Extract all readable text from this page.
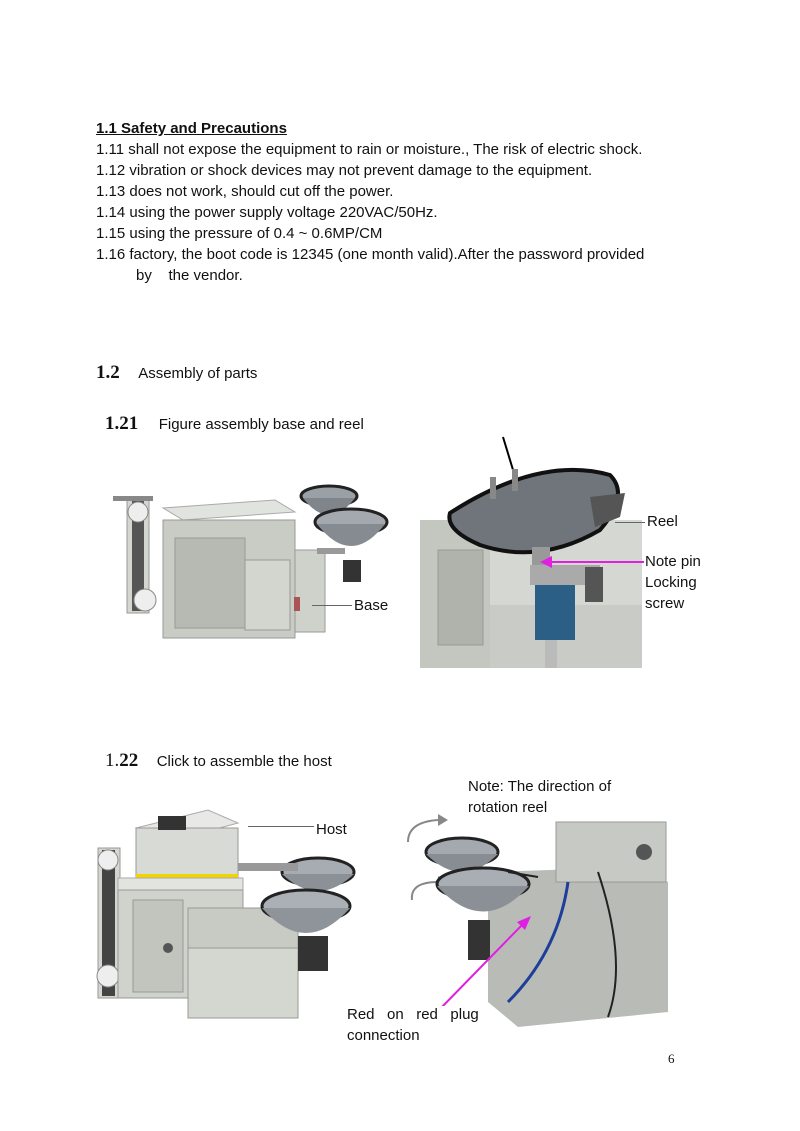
1.1 Safety and Precautions
1.11 shall not expose the equipment to rain or moisture., The risk of electric shock.
1.12 vibration or shock devices may not prevent damage to the equipment.
1.13 does not work, should cut off the power.
1.14 using the power supply voltage 220VAC/50Hz.
1.15 using the pressure of 0.4 ~ 0.6MP/CM
1.16 factory, the boot code is 12345 (one month valid).After the password provided
by    the vendor.
1.2 Assembly of parts
1.21 Figure assembly base and reel
Base
Reel
Note pin
Locking
screw
1.22 Click to assemble the host
Host
Note: The direction of
rotation reel
Red   on   red   plug
connection
6
